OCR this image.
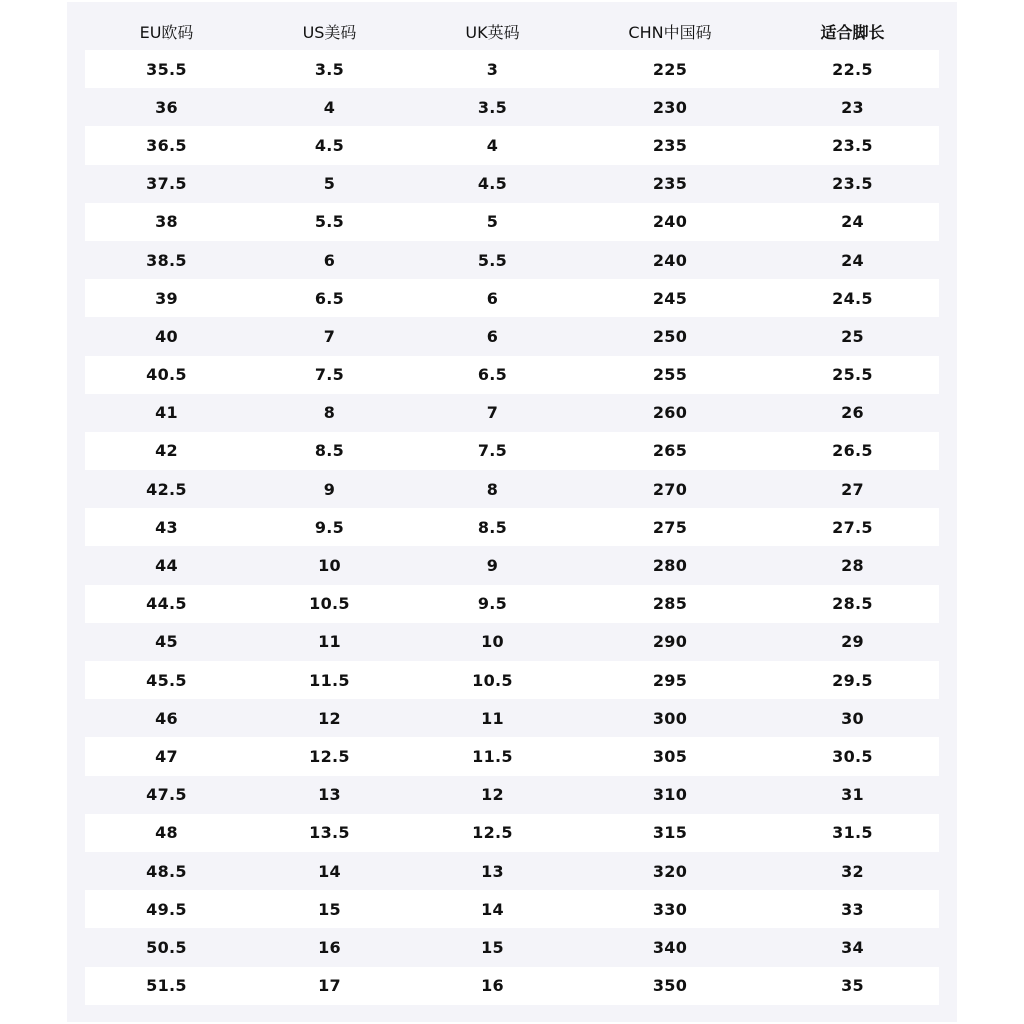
EU欧码	US美码	UK英码	CHN中国码	适合脚长
35.5	3.5	3	225	22.5
36	4	3.5	230	23
36.5	4.5	4	235	23.5
37.5	5	4.5	235	23.5
38	5.5	5	240	24
38.5	6	5.5	240	24
39	6.5	6	245	24.5
40	7	6	250	25
40.5	7.5	6.5	255	25.5
41	8	7	260	26
42	8.5	7.5	265	26.5
42.5	9	8	270	27
43	9.5	8.5	275	27.5
44	10	9	280	28
44.5	10.5	9.5	285	28.5
45	11	10	290	29
45.5	11.5	10.5	295	29.5
46	12	11	300	30
47	12.5	11.5	305	30.5
47.5	13	12	310	31
48	13.5	12.5	315	31.5
48.5	14	13	320	32
49.5	15	14	330	33
50.5	16	15	340	34
51.5	17	16	350	35
